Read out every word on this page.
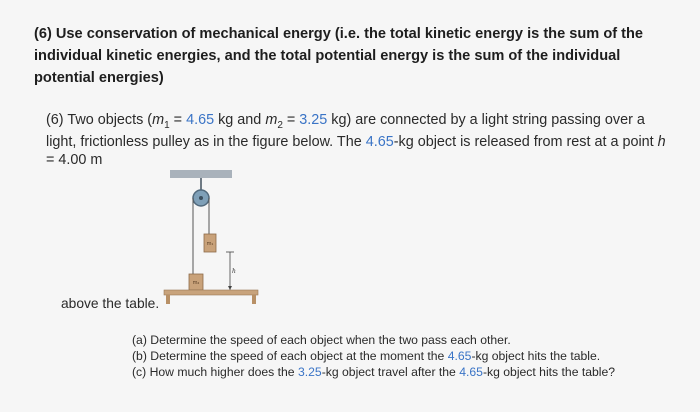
(6) Use conservation of mechanical energy (i.e. the total kinetic energy is the sum of the individual kinetic energies, and the total potential energy is the sum of the individual potential energies)
(6) Two objects ($m_1 = 4.65$ kg and $m_2 = 3.25$ kg) are connected by a light string passing over a light, frictionless pulley as in the figure below. The 4.65-kg object is released from rest at a point h = 4.00 m
m₁
m₂
h
above the table.
(a) Determine the speed of each object when the two pass each other.
(b) Determine the speed of each object at the moment the 4.65-kg object hits the table.
(c) How much higher does the 3.25-kg object travel after the 4.65-kg object hits the table?
